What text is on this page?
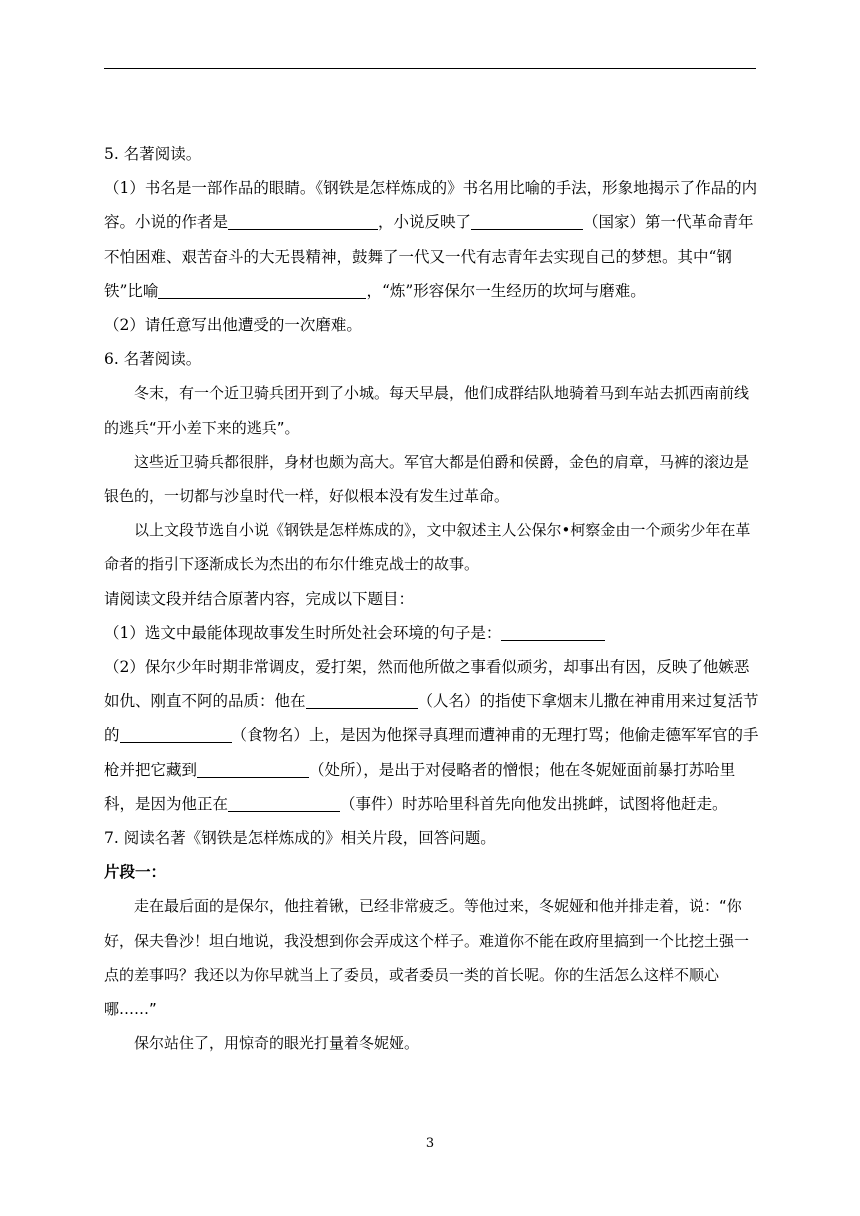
5. 名著阅读。

（1）书名是一部作品的眼睛。《钢铁是怎样炼成的》书名用比喻的手法，形象地揭示了作品的内容。小说的作者是	，小说反映了	（国家）第一代革命青年不怕困难、艰苦奋斗的大无畏精神，鼓舞了一代又一代有志青年去实现自己的梦想。其中“钢铁”比喻	，“炼”形容保尔一生经历的坎坷与磨难。

（2）请任意写出他遭受的一次磨难。

6. 名著阅读。

冬末，有一个近卫骑兵团开到了小城。每天早晨，他们成群结队地骑着马到车站去抓西南前线的逃兵“开小差下来的逃兵”。

这些近卫骑兵都很胖，身材也颇为高大。军官大都是伯爵和侯爵，金色的肩章，马裤的滚边是银色的，一切都与沙皇时代一样，好似根本没有发生过革命。

以上文段节选自小说《钢铁是怎样炼成的》，文中叙述主人公保尔•柯察金由一个顽劣少年在革命者的指引下逐渐成长为杰出的布尔什维克战士的故事。

请阅读文段并结合原著内容，完成以下题目：

（1）选文中最能体现故事发生时所处社会环境的句子是：

（2）保尔少年时期非常调皮，爱打架，然而他所做之事看似顽劣，却事出有因，反映了他嫉恶如仇、刚直不阿的品质：他在	（人名）的指使下拿烟末儿撒在神甫用来过复活节的	（食物名）上，是因为他探寻真理而遭神甫的无理打骂；他偷走德军军官的手枪并把它藏到	（处所），是出于对侵略者的憎恨；他在冬妮娅面前暴打苏哈里科，是因为他正在	（事件）时苏哈里科首先向他发出挑衅，试图将他赶走。

7. 阅读名著《钢铁是怎样炼成的》相关片段，回答问题。

片段一：

走在最后面的是保尔，他拄着锹，已经非常疲乏。等他过来，冬妮娅和他并排走着，说：“你好，保夫鲁沙！坦白地说，我没想到你会弄成这个样子。难道你不能在政府里搞到一个比挖土强一点的差事吗？我还以为你早就当上了委员，或者委员一类的首长呢。你的生活怎么这样不顺心哪……”

保尔站住了，用惊奇的眼光打量着冬妮娅。

3
